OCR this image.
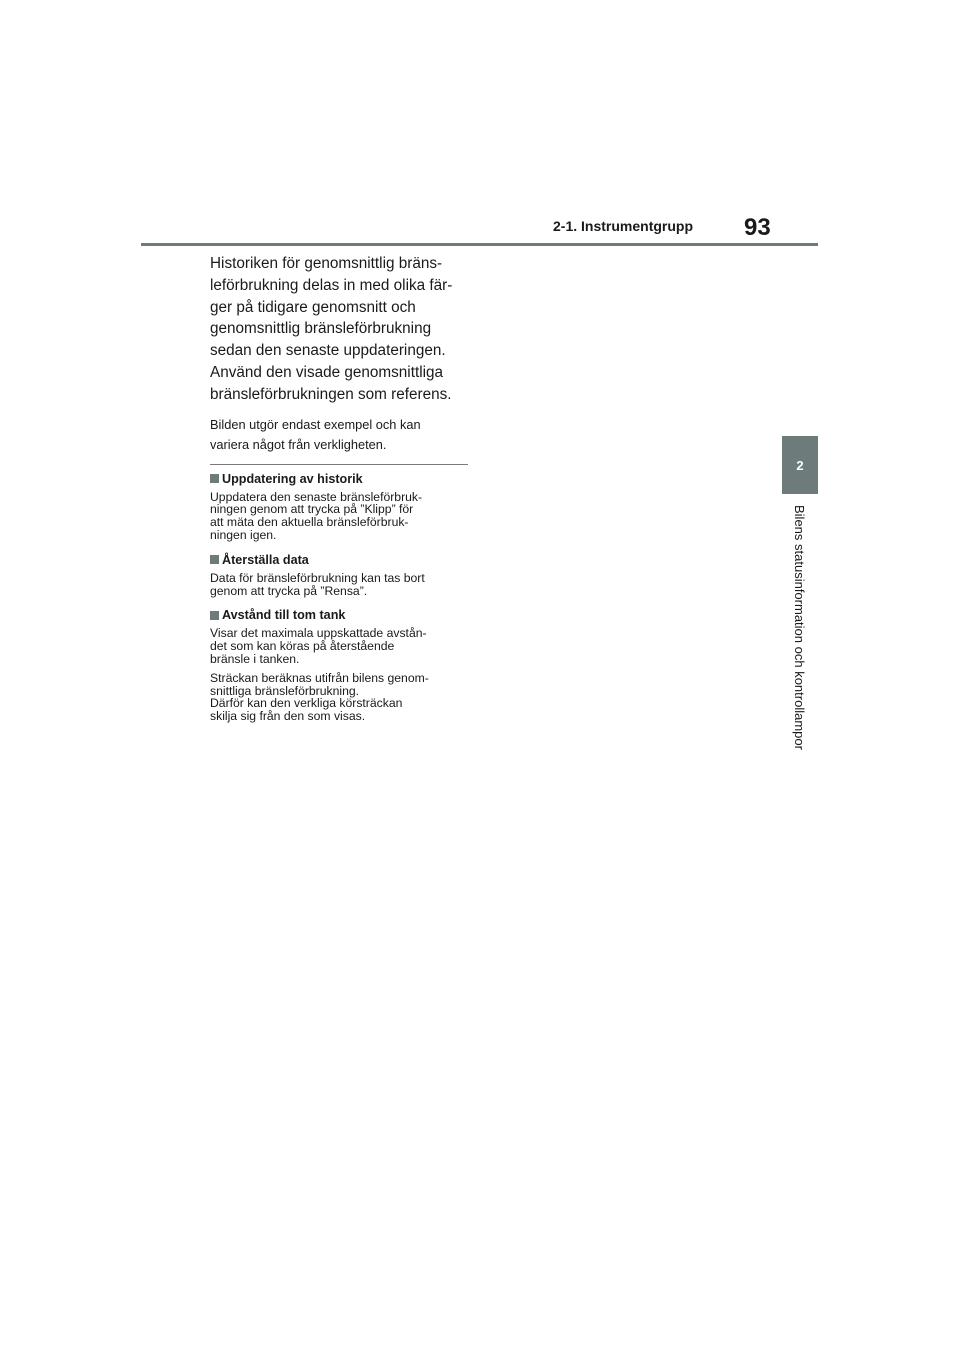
2-1. Instrumentgrupp 93
2
Bilens statusinformation och kontrollampor

Historiken för genomsnittlig bräns-
leförbrukning delas in med olika fär-
ger på tidigare genomsnitt och
genomsnittlig bränsleförbrukning
sedan den senaste uppdateringen.
Använd den visade genomsnittliga
bränsleförbrukningen som referens.

Bilden utgör endast exempel och kan
variera något från verkligheten.

Uppdatering av historik

Uppdatera den senaste bränsleförbruk-
ningen genom att trycka på ”Klipp” för
att mäta den aktuella bränsleförbruk-
ningen igen.

Återställa data

Data för bränsleförbrukning kan tas bort
genom att trycka på ”Rensa”.

Avstånd till tom tank

Visar det maximala uppskattade avstån-
det som kan köras på återstående
bränsle i tanken.

Sträckan beräknas utifrån bilens genom-
snittliga bränsleförbrukning.
Därför kan den verkliga körsträckan
skilja sig från den som visas.
